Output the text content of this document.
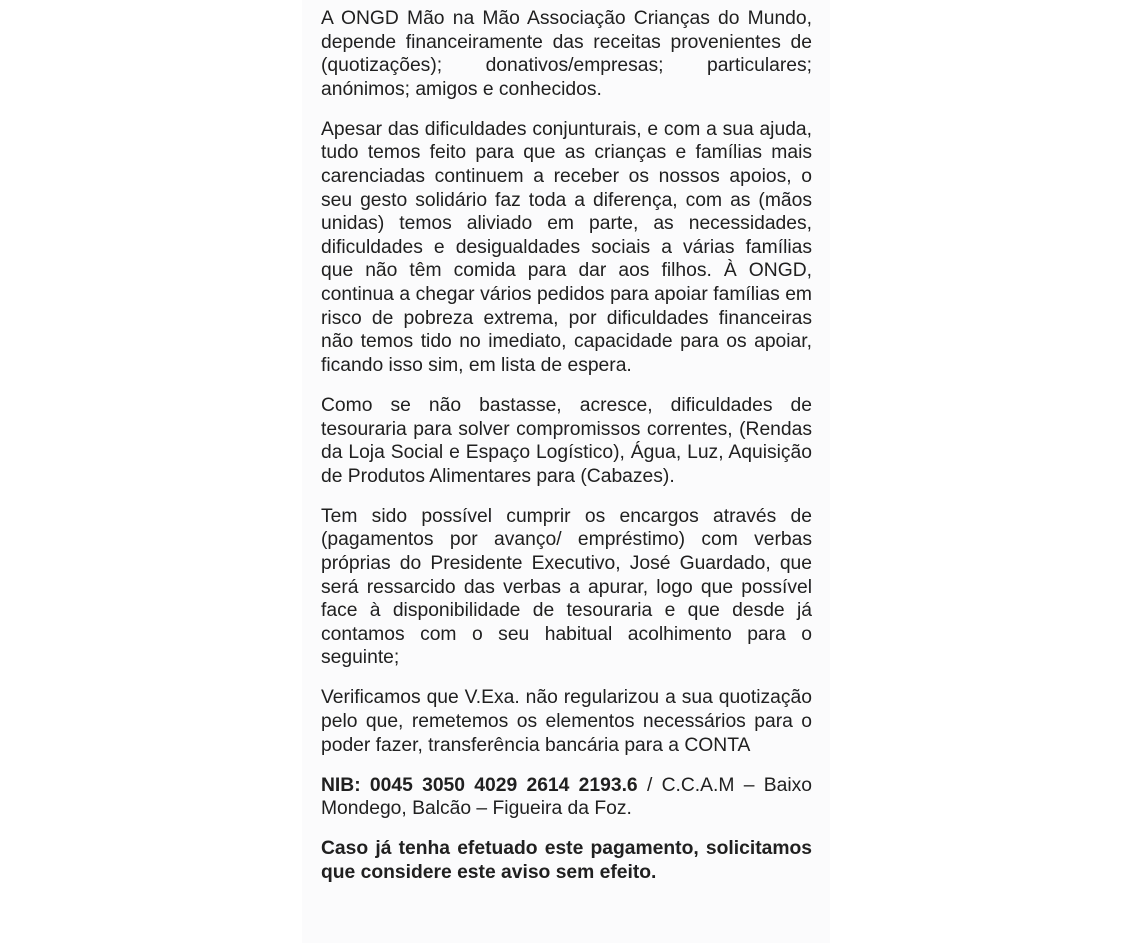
A ONGD Mão na Mão Associação Crianças do Mundo, depende financeiramente das receitas provenientes de (quotizações); donativos/empresas; particulares; anónimos; amigos e conhecidos.

Apesar das dificuldades conjunturais, e com a sua ajuda, tudo temos feito para que as crianças e famílias mais carenciadas continuem a receber os nossos apoios, o seu gesto solidário faz toda a diferença, com as (mãos unidas) temos aliviado em parte, as necessidades, dificuldades e desigualdades sociais a várias famílias que não têm comida para dar aos filhos. À ONGD, continua a chegar vários pedidos para apoiar famílias em risco de pobreza extrema, por dificuldades financeiras não temos tido no imediato, capacidade para os apoiar, ficando isso sim, em lista de espera.

Como se não bastasse, acresce, dificuldades de tesouraria para solver compromissos correntes, (Rendas da Loja Social e Espaço Logístico), Água, Luz, Aquisição de Produtos Alimentares para (Cabazes).

Tem sido possível cumprir os encargos através de (pagamentos por avanço/ empréstimo) com verbas próprias do Presidente Executivo, José Guardado, que será ressarcido das verbas a apurar, logo que possível face à disponibilidade de tesouraria e que desde já contamos com o seu habitual acolhimento para o seguinte;

Verificamos que V.Exa. não regularizou a sua quotização pelo que, remetemos os elementos necessários para o poder fazer, transferência bancária para a CONTA

NIB: 0045 3050 4029 2614 2193.6 / C.C.A.M – Baixo Mondego, Balcão – Figueira da Foz.

Caso já tenha efetuado este pagamento, solicitamos que considere este aviso sem efeito.
